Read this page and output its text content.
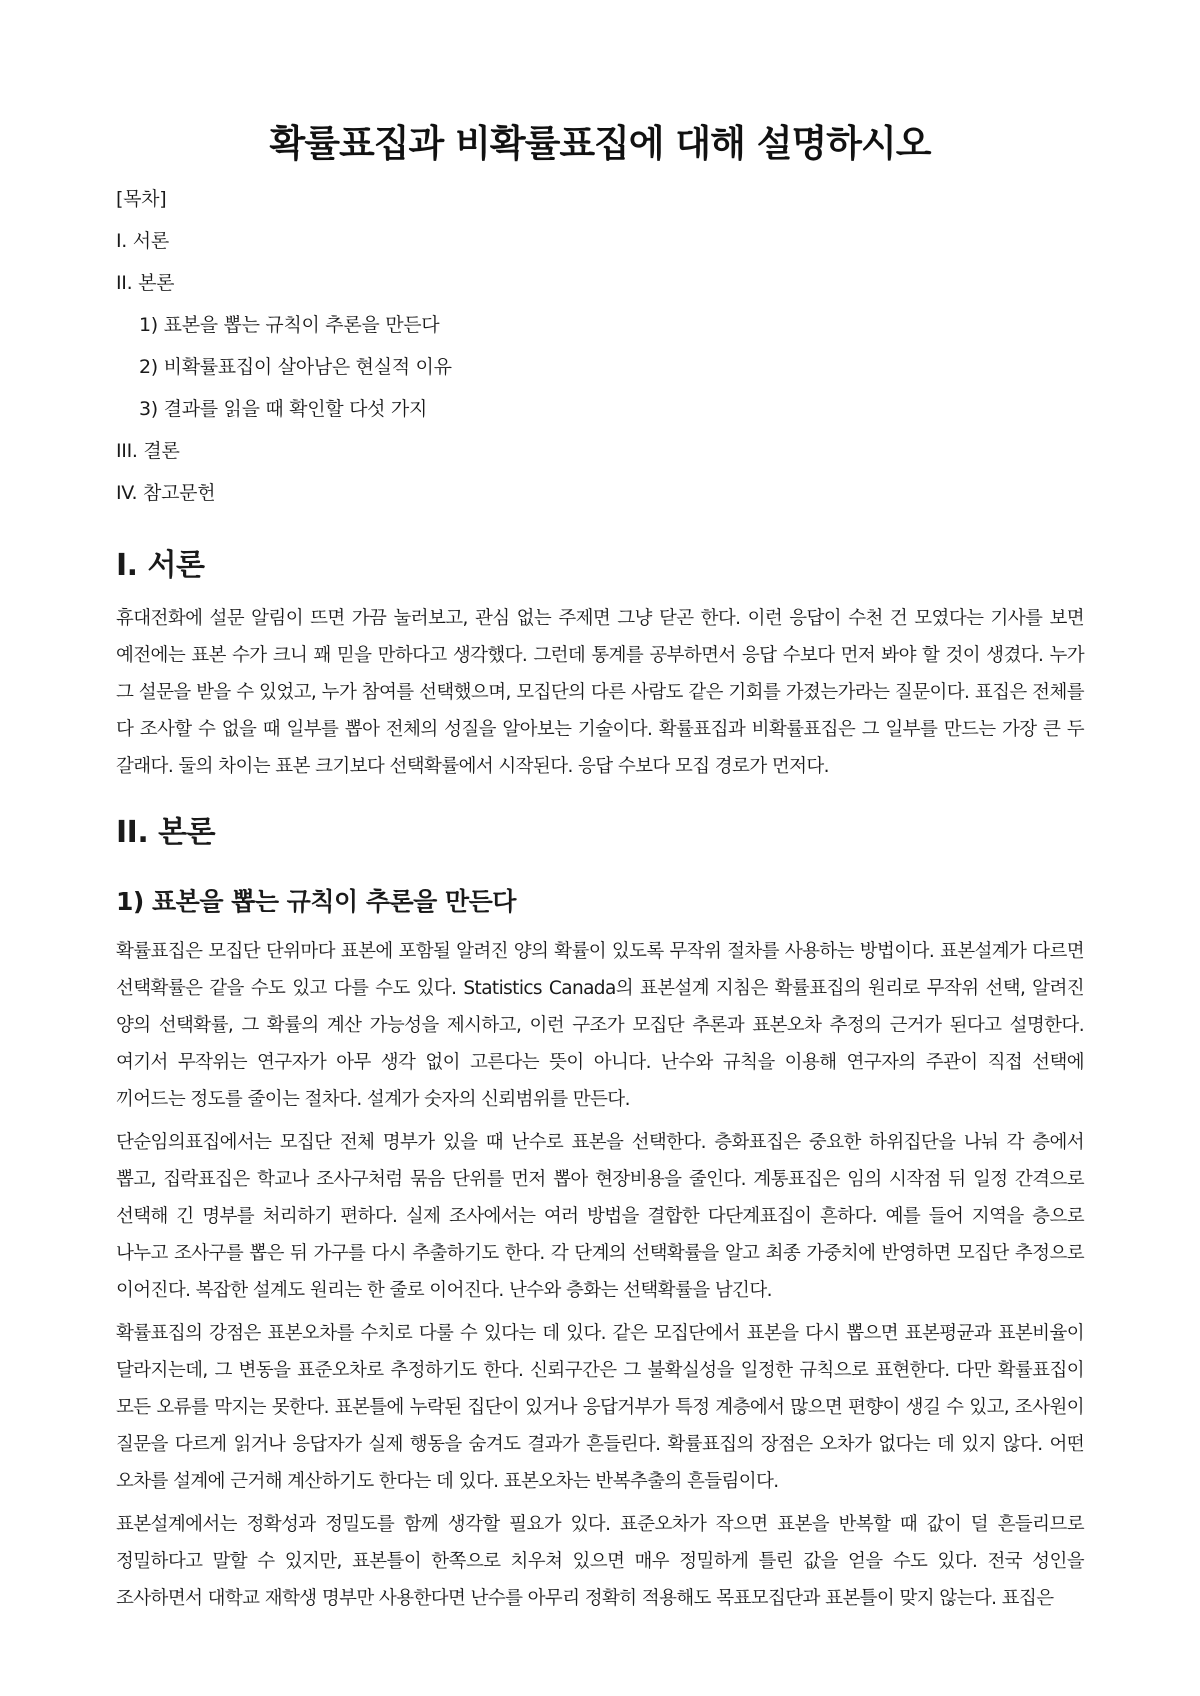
확률표집과 비확률표집에 대해 설명하시오
[목차]
I. 서론
II. 본론
1) 표본을 뽑는 규칙이 추론을 만든다
2) 비확률표집이 살아남은 현실적 이유
3) 결과를 읽을 때 확인할 다섯 가지
III. 결론
IV. 참고문헌
I. 서론

휴대전화에 설문 알림이 뜨면 가끔 눌러보고, 관심 없는 주제면 그냥 닫곤 한다. 이런 응답이 수천 건 모였다는 기사를 보면 예전에는 표본 수가 크니 꽤 믿을 만하다고 생각했다. 그런데 통계를 공부하면서 응답 수보다 먼저 봐야 할 것이 생겼다. 누가 그 설문을 받을 수 있었고, 누가 참여를 선택했으며, 모집단의 다른 사람도 같은 기회를 가졌는가라는 질문이다. 표집은 전체를 다 조사할 수 없을 때 일부를 뽑아 전체의 성질을 알아보는 기술이다. 확률표집과 비확률표집은 그 일부를 만드는 가장 큰 두 갈래다. 둘의 차이는 표본 크기보다 선택확률에서 시작된다. 응답 수보다 모집 경로가 먼저다.

II. 본론
1) 표본을 뽑는 규칙이 추론을 만든다

확률표집은 모집단 단위마다 표본에 포함될 알려진 양의 확률이 있도록 무작위 절차를 사용하는 방법이다. 표본설계가 다르면 선택확률은 같을 수도 있고 다를 수도 있다. Statistics Canada의 표본설계 지침은 확률표집의 원리로 무작위 선택, 알려진 양의 선택확률, 그 확률의 계산 가능성을 제시하고, 이런 구조가 모집단 추론과 표본오차 추정의 근거가 된다고 설명한다. 여기서 무작위는 연구자가 아무 생각 없이 고른다는 뜻이 아니다. 난수와 규칙을 이용해 연구자의 주관이 직접 선택에 끼어드는 정도를 줄이는 절차다. 설계가 숫자의 신뢰범위를 만든다.

단순임의표집에서는 모집단 전체 명부가 있을 때 난수로 표본을 선택한다. 층화표집은 중요한 하위집단을 나눠 각 층에서 뽑고, 집락표집은 학교나 조사구처럼 묶음 단위를 먼저 뽑아 현장비용을 줄인다. 계통표집은 임의 시작점 뒤 일정 간격으로 선택해 긴 명부를 처리하기 편하다. 실제 조사에서는 여러 방법을 결합한 다단계표집이 흔하다. 예를 들어 지역을 층으로 나누고 조사구를 뽑은 뒤 가구를 다시 추출하기도 한다. 각 단계의 선택확률을 알고 최종 가중치에 반영하면 모집단 추정으로 이어진다. 복잡한 설계도 원리는 한 줄로 이어진다. 난수와 층화는 선택확률을 남긴다.

확률표집의 강점은 표본오차를 수치로 다룰 수 있다는 데 있다. 같은 모집단에서 표본을 다시 뽑으면 표본평균과 표본비율이 달라지는데, 그 변동을 표준오차로 추정하기도 한다. 신뢰구간은 그 불확실성을 일정한 규칙으로 표현한다. 다만 확률표집이 모든 오류를 막지는 못한다. 표본틀에 누락된 집단이 있거나 응답거부가 특정 계층에서 많으면 편향이 생길 수 있고, 조사원이 질문을 다르게 읽거나 응답자가 실제 행동을 숨겨도 결과가 흔들린다. 확률표집의 장점은 오차가 없다는 데 있지 않다. 어떤 오차를 설계에 근거해 계산하기도 한다는 데 있다. 표본오차는 반복추출의 흔들림이다.

표본설계에서는 정확성과 정밀도를 함께 생각할 필요가 있다. 표준오차가 작으면 표본을 반복할 때 값이 덜 흔들리므로 정밀하다고 말할 수 있지만, 표본틀이 한쪽으로 치우쳐 있으면 매우 정밀하게 틀린 값을 얻을 수도 있다. 전국 성인을 조사하면서 대학교 재학생 명부만 사용한다면 난수를 아무리 정확히 적용해도 목표모집단과 표본틀이 맞지 않는다. 표집은
